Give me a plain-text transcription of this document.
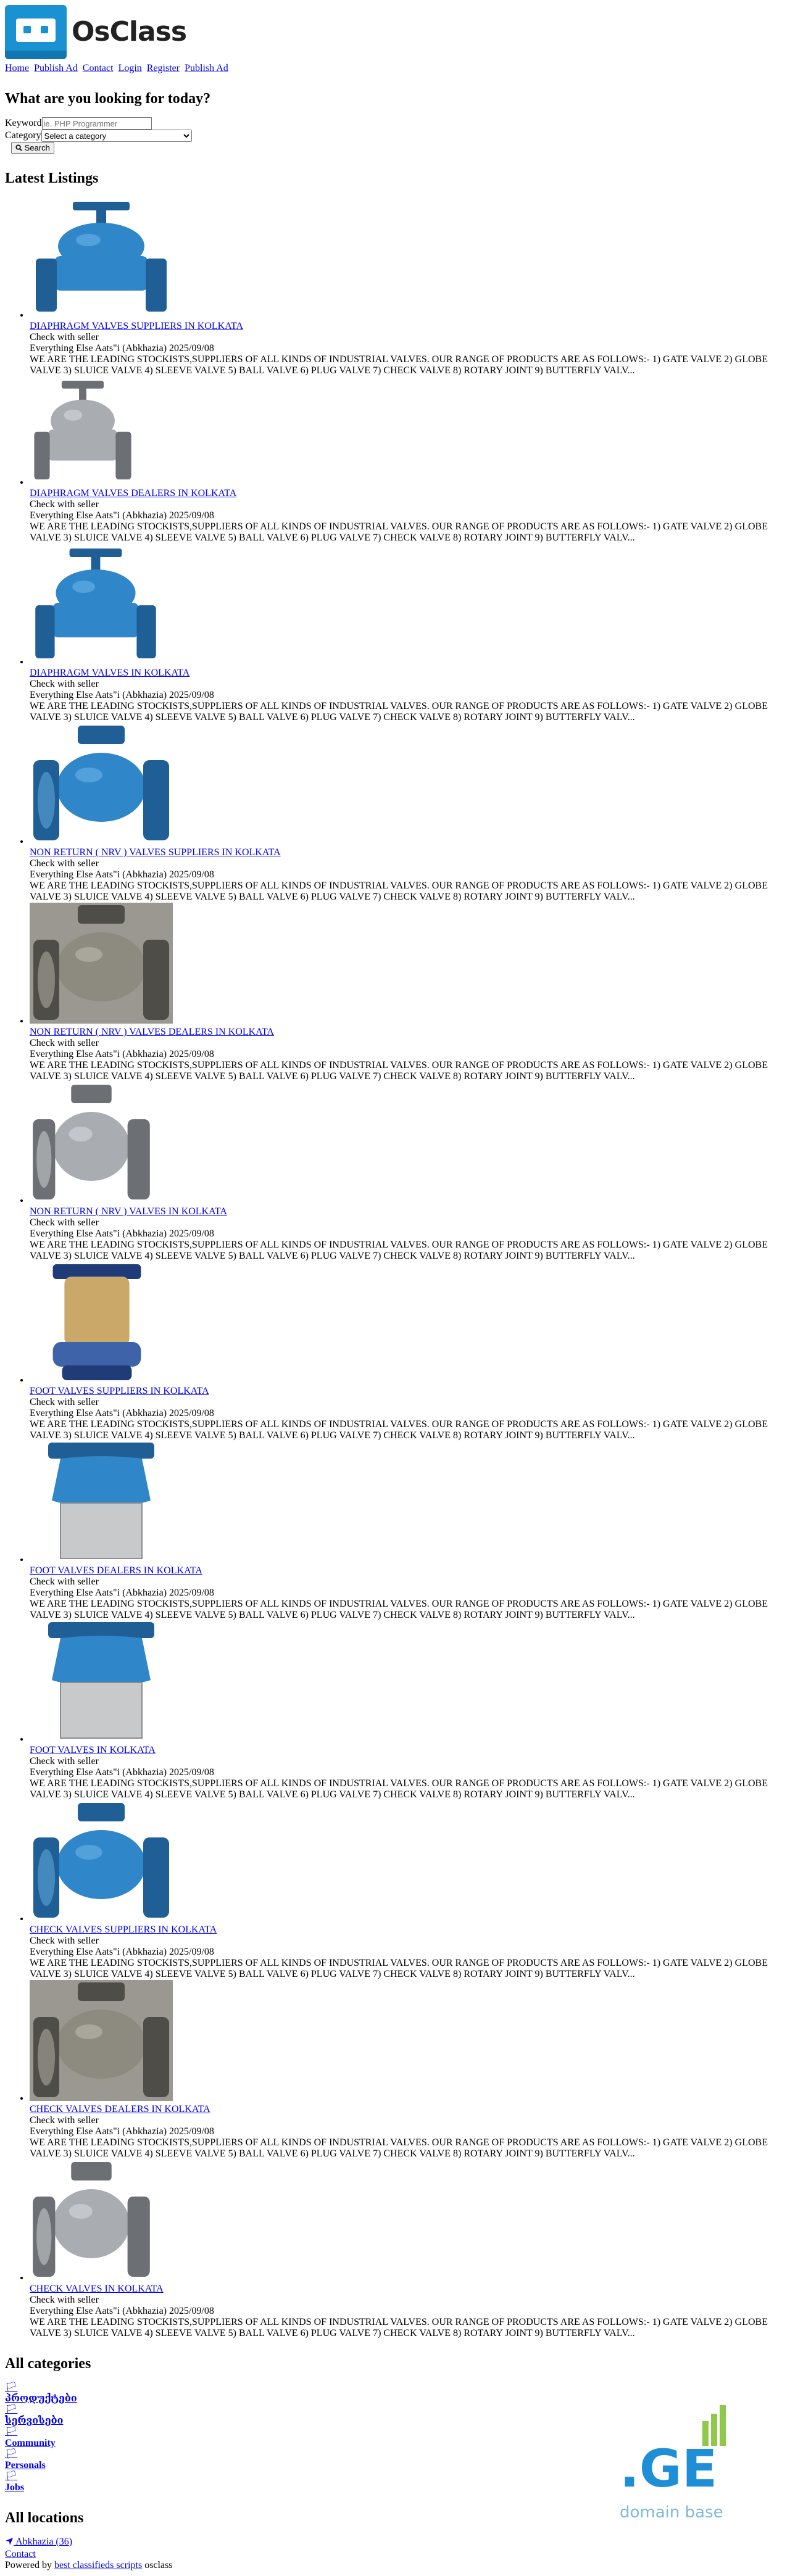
OsClass
Home Publish Ad Contact Login Register Publish Ad
What are you looking for today?
Keyword
ie. PHP Programmer
Category
Select a category
Search
Latest Listings
• DIAPHRAGM VALVES SUPPLIERS IN KOLKATA
Check with seller
Everything Else Aats"i (Abkhazia) 2025/09/08
WE ARE THE LEADING STOCKISTS,SUPPLIERS OF ALL KINDS OF INDUSTRIAL VALVES. OUR RANGE OF PRODUCTS ARE AS FOLLOWS:- 1) GATE VALVE 2) GLOBE VALVE 3) SLUICE VALVE 4) SLEEVE VALVE 5) BALL VALVE 6) PLUG VALVE 7) CHECK VALVE 8) ROTARY JOINT 9) BUTTERFLY VALV...
• DIAPHRAGM VALVES DEALERS IN KOLKATA
Check with seller
Everything Else Aats"i (Abkhazia) 2025/09/08
WE ARE THE LEADING STOCKISTS,SUPPLIERS OF ALL KINDS OF INDUSTRIAL VALVES. OUR RANGE OF PRODUCTS ARE AS FOLLOWS:- 1) GATE VALVE 2) GLOBE VALVE 3) SLUICE VALVE 4) SLEEVE VALVE 5) BALL VALVE 6) PLUG VALVE 7) CHECK VALVE 8) ROTARY JOINT 9) BUTTERFLY VALV...
• DIAPHRAGM VALVES IN KOLKATA
Check with seller
Everything Else Aats"i (Abkhazia) 2025/09/08
WE ARE THE LEADING STOCKISTS,SUPPLIERS OF ALL KINDS OF INDUSTRIAL VALVES. OUR RANGE OF PRODUCTS ARE AS FOLLOWS:- 1) GATE VALVE 2) GLOBE VALVE 3) SLUICE VALVE 4) SLEEVE VALVE 5) BALL VALVE 6) PLUG VALVE 7) CHECK VALVE 8) ROTARY JOINT 9) BUTTERFLY VALV...
• NON RETURN ( NRV ) VALVES SUPPLIERS IN KOLKATA
Check with seller
Everything Else Aats"i (Abkhazia) 2025/09/08
WE ARE THE LEADING STOCKISTS,SUPPLIERS OF ALL KINDS OF INDUSTRIAL VALVES. OUR RANGE OF PRODUCTS ARE AS FOLLOWS:- 1) GATE VALVE 2) GLOBE VALVE 3) SLUICE VALVE 4) SLEEVE VALVE 5) BALL VALVE 6) PLUG VALVE 7) CHECK VALVE 8) ROTARY JOINT 9) BUTTERFLY VALV...
• NON RETURN ( NRV ) VALVES DEALERS IN KOLKATA
Check with seller
Everything Else Aats"i (Abkhazia) 2025/09/08
WE ARE THE LEADING STOCKISTS,SUPPLIERS OF ALL KINDS OF INDUSTRIAL VALVES. OUR RANGE OF PRODUCTS ARE AS FOLLOWS:- 1) GATE VALVE 2) GLOBE VALVE 3) SLUICE VALVE 4) SLEEVE VALVE 5) BALL VALVE 6) PLUG VALVE 7) CHECK VALVE 8) ROTARY JOINT 9) BUTTERFLY VALV...
• NON RETURN ( NRV ) VALVES IN KOLKATA
Check with seller
Everything Else Aats"i (Abkhazia) 2025/09/08
WE ARE THE LEADING STOCKISTS,SUPPLIERS OF ALL KINDS OF INDUSTRIAL VALVES. OUR RANGE OF PRODUCTS ARE AS FOLLOWS:- 1) GATE VALVE 2) GLOBE VALVE 3) SLUICE VALVE 4) SLEEVE VALVE 5) BALL VALVE 6) PLUG VALVE 7) CHECK VALVE 8) ROTARY JOINT 9) BUTTERFLY VALV...
• FOOT VALVES SUPPLIERS IN KOLKATA
Check with seller
Everything Else Aats"i (Abkhazia) 2025/09/08
WE ARE THE LEADING STOCKISTS,SUPPLIERS OF ALL KINDS OF INDUSTRIAL VALVES. OUR RANGE OF PRODUCTS ARE AS FOLLOWS:- 1) GATE VALVE 2) GLOBE VALVE 3) SLUICE VALVE 4) SLEEVE VALVE 5) BALL VALVE 6) PLUG VALVE 7) CHECK VALVE 8) ROTARY JOINT 9) BUTTERFLY VALV...
• FOOT VALVES DEALERS IN KOLKATA
Check with seller
Everything Else Aats"i (Abkhazia) 2025/09/08
WE ARE THE LEADING STOCKISTS,SUPPLIERS OF ALL KINDS OF INDUSTRIAL VALVES. OUR RANGE OF PRODUCTS ARE AS FOLLOWS:- 1) GATE VALVE 2) GLOBE VALVE 3) SLUICE VALVE 4) SLEEVE VALVE 5) BALL VALVE 6) PLUG VALVE 7) CHECK VALVE 8) ROTARY JOINT 9) BUTTERFLY VALV...
• FOOT VALVES IN KOLKATA
Check with seller
Everything Else Aats"i (Abkhazia) 2025/09/08
WE ARE THE LEADING STOCKISTS,SUPPLIERS OF ALL KINDS OF INDUSTRIAL VALVES. OUR RANGE OF PRODUCTS ARE AS FOLLOWS:- 1) GATE VALVE 2) GLOBE VALVE 3) SLUICE VALVE 4) SLEEVE VALVE 5) BALL VALVE 6) PLUG VALVE 7) CHECK VALVE 8) ROTARY JOINT 9) BUTTERFLY VALV...
• CHECK VALVES SUPPLIERS IN KOLKATA
Check with seller
Everything Else Aats"i (Abkhazia) 2025/09/08
WE ARE THE LEADING STOCKISTS,SUPPLIERS OF ALL KINDS OF INDUSTRIAL VALVES. OUR RANGE OF PRODUCTS ARE AS FOLLOWS:- 1) GATE VALVE 2) GLOBE VALVE 3) SLUICE VALVE 4) SLEEVE VALVE 5) BALL VALVE 6) PLUG VALVE 7) CHECK VALVE 8) ROTARY JOINT 9) BUTTERFLY VALV...
• CHECK VALVES DEALERS IN KOLKATA
Check with seller
Everything Else Aats"i (Abkhazia) 2025/09/08
WE ARE THE LEADING STOCKISTS,SUPPLIERS OF ALL KINDS OF INDUSTRIAL VALVES. OUR RANGE OF PRODUCTS ARE AS FOLLOWS:- 1) GATE VALVE 2) GLOBE VALVE 3) SLUICE VALVE 4) SLEEVE VALVE 5) BALL VALVE 6) PLUG VALVE 7) CHECK VALVE 8) ROTARY JOINT 9) BUTTERFLY VALV...
• CHECK VALVES IN KOLKATA
Check with seller
Everything Else Aats"i (Abkhazia) 2025/09/08
WE ARE THE LEADING STOCKISTS,SUPPLIERS OF ALL KINDS OF INDUSTRIAL VALVES. OUR RANGE OF PRODUCTS ARE AS FOLLOWS:- 1) GATE VALVE 2) GLOBE VALVE 3) SLUICE VALVE 4) SLEEVE VALVE 5) BALL VALVE 6) PLUG VALVE 7) CHECK VALVE 8) ROTARY JOINT 9) BUTTERFLY VALV...
All categories
🏳
პროდუქტები
🏳
სერვისები
🏳
Community
🏳
Personals
🏳
Jobs
All locations
Abkhazia (36)
Contact
Powered by best classifieds scripts osclass
.GE
domain base
